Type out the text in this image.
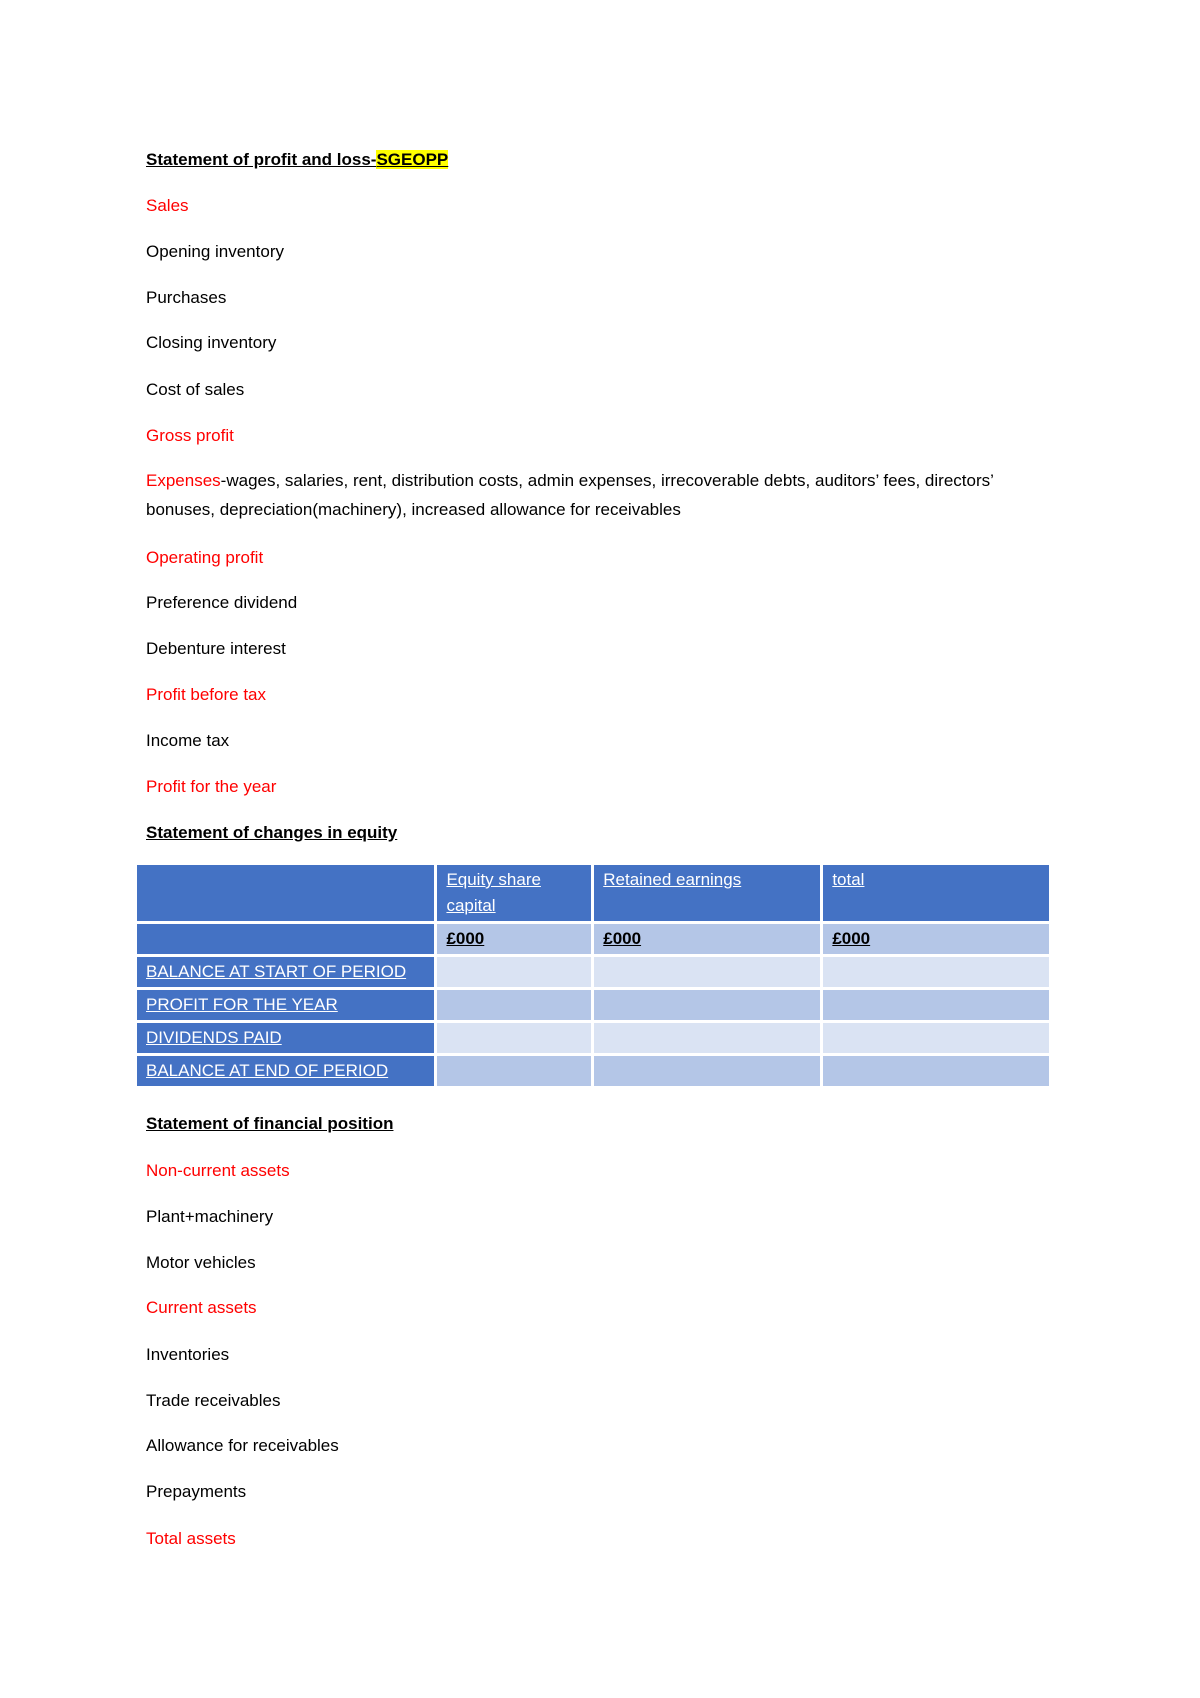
Statement of profit and loss-SGEOPP
Sales
Opening inventory
Purchases
Closing inventory
Cost of sales
Gross profit
Expenses-wages, salaries, rent, distribution costs, admin expenses, irrecoverable debts, auditors’ fees, directors’ bonuses, depreciation(machinery), increased allowance for receivables
Operating profit
Preference dividend
Debenture interest
Profit before tax
Income tax
Profit for the year
Statement of changes in equity
	Equity share capital	Retained earnings	total
	£000	£000	£000
BALANCE AT START OF PERIOD			
PROFIT FOR THE YEAR			
DIVIDENDS PAID			
BALANCE AT END OF PERIOD			
Statement of financial position
Non-current assets
Plant+machinery
Motor vehicles
Current assets
Inventories
Trade receivables
Allowance for receivables
Prepayments
Total assets
